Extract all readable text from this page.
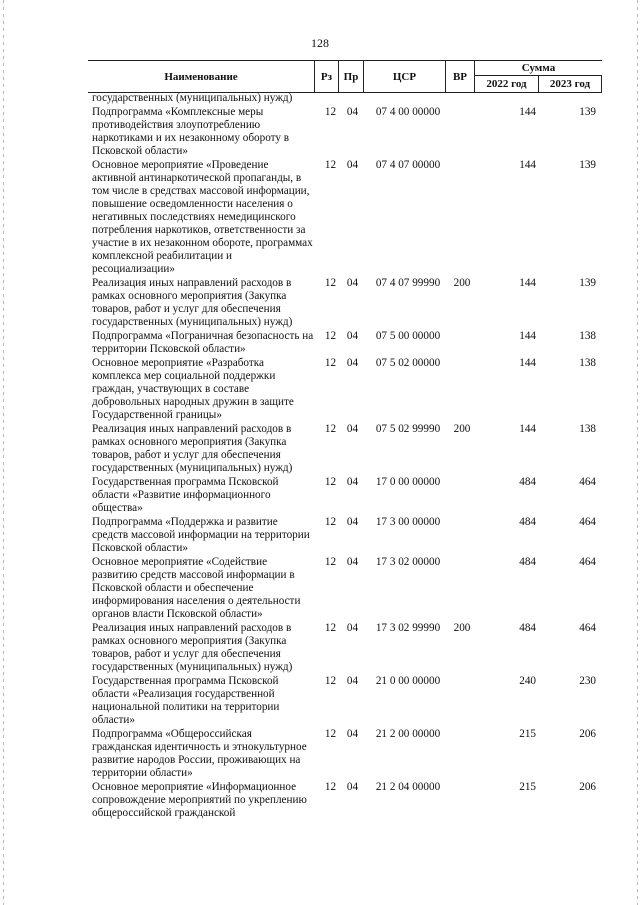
128
Наименование	Рз	Пр	ЦСР	ВР
Сумма
2022 год	2023 год
государственных (муниципальных) нужд)
Подпрограмма «Комплексные меры противодействия злоупотреблению наркотиками и их незаконному обороту в Псковской области»
12 04	07 4 00 00000	144	139
Основное мероприятие «Проведение активной антинаркотической пропаганды, в том числе в средствах массовой информации, повышение осведомленности населения о негативных последствиях немедицинского потребления наркотиков, ответственности за участие в их незаконном обороте, программах комплексной реабилитации и ресоциализации»
12 04	07 4 07 00000	144	139
Реализация иных направлений расходов в рамках основного мероприятия (Закупка товаров, работ и услуг для обеспечения государственных (муниципальных) нужд)
12 04	07 4 07 99990	200	144	139
Подпрограмма «Пограничная безопасность на территории Псковской области»
12 04	07 5 00 00000	144	138
Основное мероприятие «Разработка комплекса мер социальной поддержки граждан, участвующих в составе добровольных народных дружин в защите Государственной границы»
12 04	07 5 02 00000	144	138
Реализация иных направлений расходов в рамках основного мероприятия (Закупка товаров, работ и услуг для обеспечения государственных (муниципальных) нужд)
12 04	07 5 02 99990	200	144	138
Государственная программа Псковской области «Развитие информационного общества»
12 04	17 0 00 00000	484	464
Подпрограмма «Поддержка и развитие средств массовой информации на территории Псковской области»
12 04	17 3 00 00000	484	464
Основное мероприятие «Содействие развитию средств массовой информации в Псковской области и обеспечение информирования населения о деятельности органов власти Псковской области»
12 04	17 3 02 00000	484	464
Реализация иных направлений расходов в рамках основного мероприятия (Закупка товаров, работ и услуг для обеспечения государственных (муниципальных) нужд)
12 04	17 3 02 99990	200	484	464
Государственная программа Псковской области «Реализация государственной национальной политики на территории области»
12 04	21 0 00 00000	240	230
Подпрограмма «Общероссийская гражданская идентичность и этнокультурное развитие народов России, проживающих на территории области»
12 04	21 2 00 00000	215	206
Основное мероприятие «Информационное сопровождение мероприятий по укреплению общероссийской гражданской
12 04	21 2 04 00000	215	206
